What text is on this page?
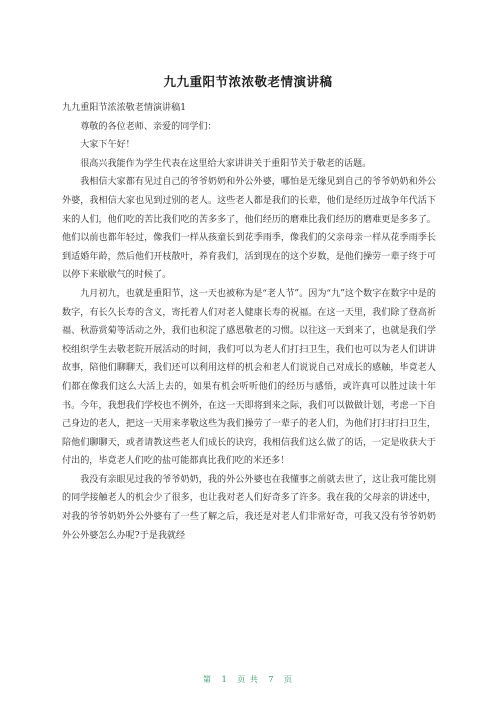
九九重阳节浓浓敬老情演讲稿

九九重阳节浓浓敬老情演讲稿1

尊敬的各位老师、亲爱的同学们：

大家下午好！

很高兴我能作为学生代表在这里给大家讲讲关于重阳节关于敬老的话题。

我相信大家都有见过自己的爷爷奶奶和外公外婆，哪怕是无缘见到自己的爷爷奶奶和外公外婆，我相信大家也见到过别的老人。这些老人都是我们的长辈，他们是经历过战争年代活下来的人们，他们吃的苦比我们吃的苦多多了，他们经历的磨难比我们经历的磨难更是多多了。他们以前也都年轻过，像我们一样从孩童长到花季雨季，像我们的父亲母亲一样从花季雨季长到适婚年龄，然后他们开枝散叶，养育我们，活到现在的这个岁数，是他们操劳一辈子终于可以停下来歇歇气的时候了。

九月初九，也就是重阳节，这一天也被称为是“老人节”。因为“九”这个数字在数字中是的数字，有长久长寿的含义，寄托着人们对老人健康长寿的祝福。在这一天里，我们除了登高祈福、秋游赏菊等活动之外，我们也积淀了感恩敬老的习惯。以往这一天到来了，也就是我们学校组织学生去敬老院开展活动的时间，我们可以为老人们打扫卫生，我们也可以为老人们讲讲故事，陪他们聊聊天，我们还可以利用这样的机会和老人们说说自己对成长的感触，毕竟老人们都在像我们这么大活上去的，如果有机会听听他们的经历与感悟，或许真可以胜过读十年书。今年，我想我们学校也不例外，在这一天即将到来之际，我们可以做做计划，考虑一下自己身边的老人，把这一天用来孝敬这些为我们操劳了一辈子的老人们，为他们打扫打扫卫生，陪他们聊聊天，或者请教这些老人们成长的诀窍，我相信我们这么做了的话，一定是收获大于付出的，毕竟老人们吃的盐可能都真比我们吃的米还多！

我没有亲眼见过我的爷爷奶奶，我的外公外婆也在我懂事之前就去世了，这让我可能比别的同学接触老人的机会少了很多，也让我对老人们好奇多了许多。我在我的父母亲的讲述中，对我的爷爷奶奶外公外婆有了一些了解之后，我还是对老人们非常好奇，可我又没有爷爷奶奶外公外婆怎么办呢?于是我就经

第 1 页 共 7 页
